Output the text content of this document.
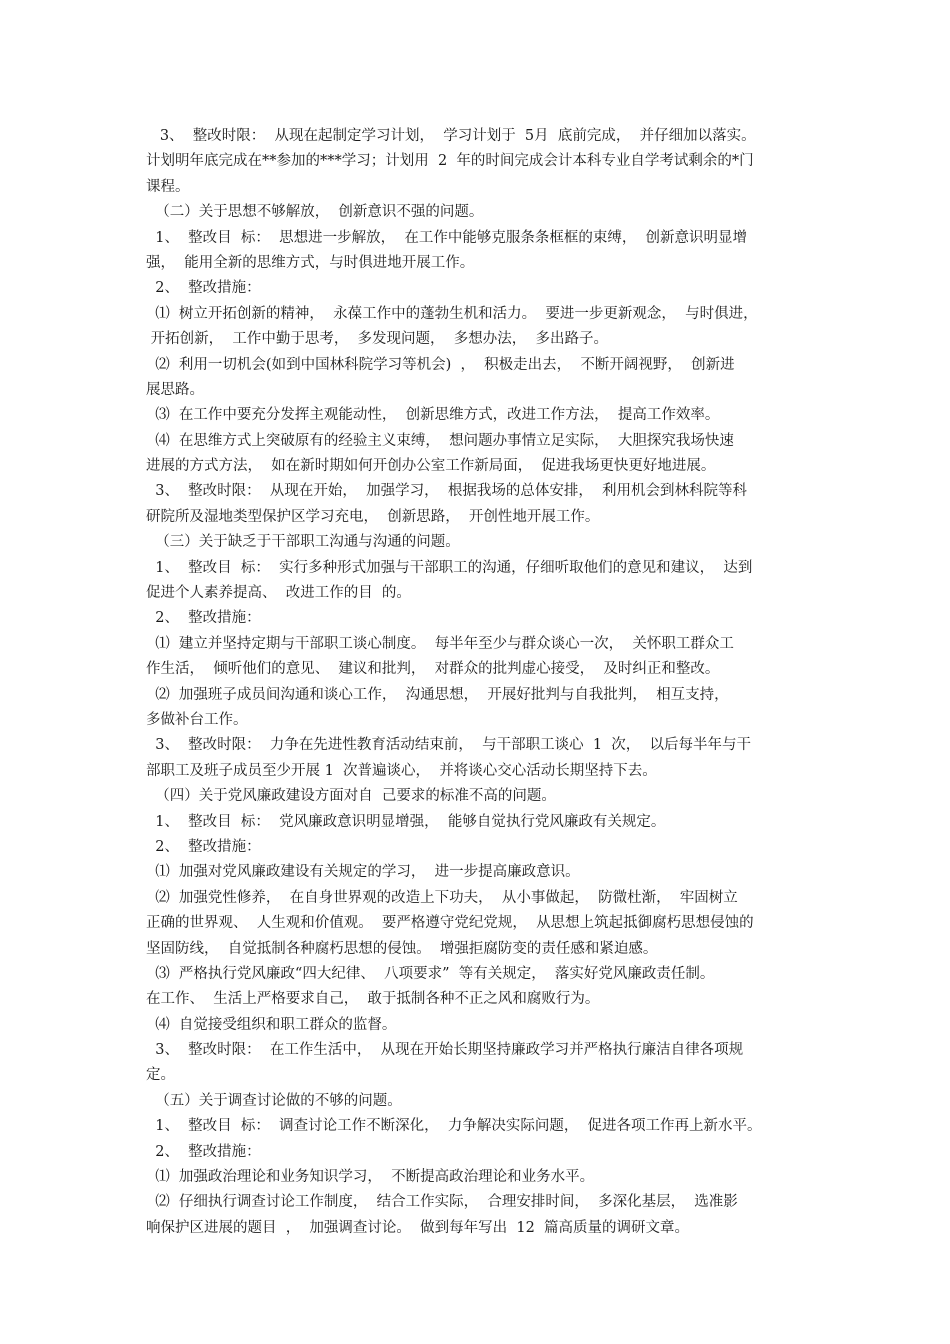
3、  整改时限：  从现在起制定学习计划，  学习计划于  5月  底前完成，  并仔细加以落实。
计划明年底完成在**参加的***学习；计划用  2  年的时间完成会计本科专业自学考试剩余的*门
课程。
（二）关于思想不够解放，  创新意识不强的问题。
1、  整改目  标：  思想进一步解放，  在工作中能够克服条条框框的束缚，  创新意识明显增
强，  能用全新的思维方式，与时俱进地开展工作。
2、  整改措施：
⑴  树立开拓创新的精神，  永葆工作中的蓬勃生机和活力。  要进一步更新观念，  与时俱进，
开拓创新，  工作中勤于思考，  多发现问题，  多想办法，  多出路子。
⑵  利用一切机会(如到中国林科院学习等机会)  ，  积极走出去，  不断开阔视野，  创新进
展思路。
⑶  在工作中要充分发挥主观能动性，  创新思维方式，改进工作方法，  提高工作效率。
⑷  在思维方式上突破原有的经验主义束缚，  想问题办事情立足实际，  大胆探究我场快速
进展的方式方法，  如在新时期如何开创办公室工作新局面，  促进我场更快更好地进展。
3、  整改时限：  从现在开始，  加强学习，  根据我场的总体安排，  利用机会到林科院等科
研院所及湿地类型保护区学习充电，  创新思路，  开创性地开展工作。
（三）关于缺乏于干部职工沟通与沟通的问题。
1、  整改目  标：  实行多种形式加强与干部职工的沟通，仔细听取他们的意见和建议，  达到
促进个人素养提高、  改进工作的目  的。
2、  整改措施：
⑴  建立并坚持定期与干部职工谈心制度。  每半年至少与群众谈心一次，  关怀职工群众工
作生活，  倾听他们的意见、  建议和批判，  对群众的批判虚心接受，  及时纠正和整改。
⑵  加强班子成员间沟通和谈心工作，  沟通思想，  开展好批判与自我批判，  相互支持，
多做补台工作。
3、  整改时限：  力争在先进性教育活动结束前，  与干部职工谈心  1  次，  以后每半年与干
部职工及班子成员至少开展 1  次普遍谈心，  并将谈心交心活动长期坚持下去。
（四）关于党风廉政建设方面对自  己要求的标准不高的问题。
1、  整改目  标：  党风廉政意识明显增强，  能够自觉执行党风廉政有关规定。
2、  整改措施：
⑴  加强对党风廉政建设有关规定的学习，  进一步提高廉政意识。
⑵  加强党性修养，  在自身世界观的改造上下功夫，  从小事做起，  防微杜渐，  牢固树立
正确的世界观、  人生观和价值观。  要严格遵守党纪党规，  从思想上筑起抵御腐朽思想侵蚀的
坚固防线，  自觉抵制各种腐朽思想的侵蚀。  增强拒腐防变的责任感和紧迫感。
⑶  严格执行党风廉政“四大纪律、  八项要求”  等有关规定，  落实好党风廉政责任制。
在工作、  生活上严格要求自己，  敢于抵制各种不正之风和腐败行为。
⑷  自觉接受组织和职工群众的监督。
3、  整改时限：  在工作生活中，  从现在开始长期坚持廉政学习并严格执行廉洁自律各项规
定。
（五）关于调查讨论做的不够的问题。
1、  整改目  标：  调查讨论工作不断深化，  力争解决实际问题，  促进各项工作再上新水平。
2、  整改措施：
⑴  加强政治理论和业务知识学习，  不断提高政治理论和业务水平。
⑵  仔细执行调查讨论工作制度，  结合工作实际，  合理安排时间，  多深化基层，  选准影
响保护区进展的题目  ，  加强调查讨论。  做到每年写出  12  篇高质量的调研文章。
